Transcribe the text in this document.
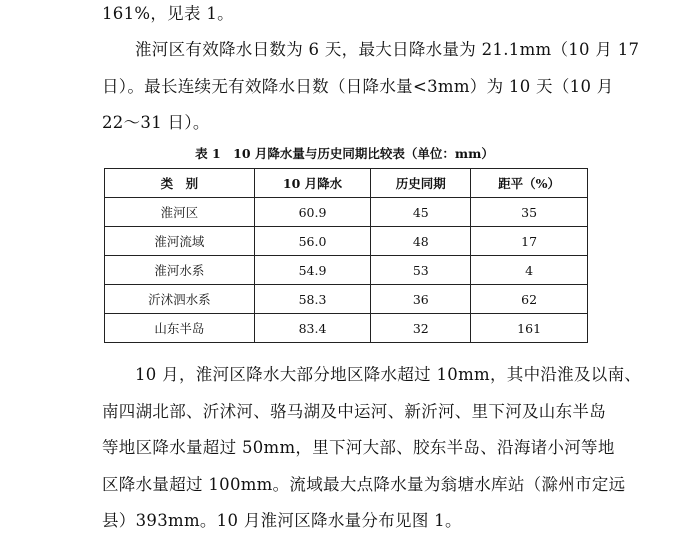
161%，见表 1。
淮河区有效降水日数为 6 天，最大日降水量为 21.1mm（10 月 17
日）。最长连续无有效降水日数（日降水量<3mm）为 10 天（10 月
22～31 日）。
表 1　10 月降水量与历史同期比较表（单位：mm）
类　别	10 月降水	历史同期	距平（%）
淮河区	60.9	45	35
淮河流域	56.0	48	17
淮河水系	54.9	53	4
沂沭泗水系	58.3	36	62
山东半岛	83.4	32	161
10 月，淮河区降水大部分地区降水超过 10mm，其中沿淮及以南、
南四湖北部、沂沭河、骆马湖及中运河、新沂河、里下河及山东半岛
等地区降水量超过 50mm，里下河大部、胶东半岛、沿海诸小河等地
区降水量超过 100mm。流域最大点降水量为翁塘水库站（滁州市定远
县）393mm。10 月淮河区降水量分布见图 1。
